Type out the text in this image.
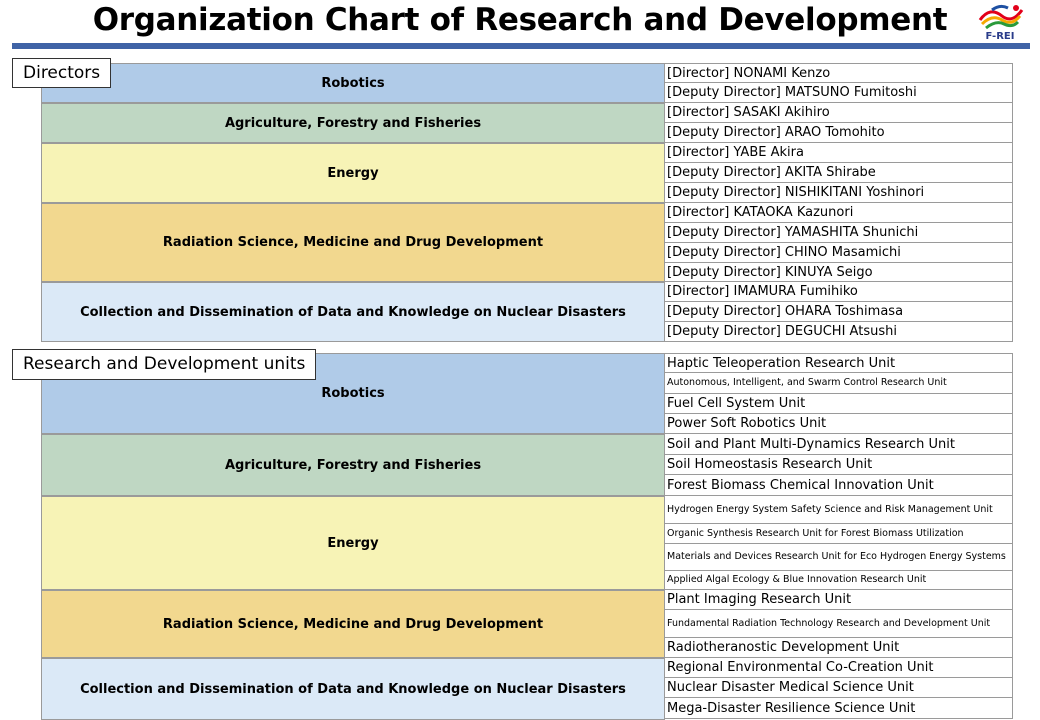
Organization Chart of Research and Development	F-REI
Directors	Robotics
[Director] NONAMI Kenzo
[Deputy Director] MATSUNO Fumitoshi
Agriculture, Forestry and Fisheries
[Director] SASAKI Akihiro
[Deputy Director] ARAO Tomohito
Energy
[Director] YABE Akira
[Deputy Director] AKITA Shirabe
[Deputy Director] NISHIKITANI Yoshinori
Radiation Science, Medicine and Drug Development
[Director] KATAOKA Kazunori
[Deputy Director] YAMASHITA Shunichi
[Deputy Director] CHINO Masamichi
[Deputy Director] KINUYA Seigo
Collection and Dissemination of Data and Knowledge on Nuclear Disasters
[Director] IMAMURA Fumihiko
[Deputy Director] OHARA Toshimasa
[Deputy Director] DEGUCHI Atsushi
Research and Development units
Robotics
Haptic Teleoperation Research Unit
Autonomous, Intelligent, and Swarm Control Research Unit
Fuel Cell System Unit
Power Soft Robotics Unit
Agriculture, Forestry and Fisheries
Soil and Plant Multi-Dynamics Research Unit
Soil Homeostasis Research Unit
Forest Biomass Chemical Innovation Unit
Energy
Hydrogen Energy System Safety Science and Risk Management Unit
Organic Synthesis Research Unit for Forest Biomass Utilization
Materials and Devices Research Unit for Eco Hydrogen Energy Systems
Applied Algal Ecology & Blue Innovation Research Unit
Radiation Science, Medicine and Drug Development
Plant Imaging Research Unit
Fundamental Radiation Technology Research and Development Unit
Radiotheranostic Development Unit
Collection and Dissemination of Data and Knowledge on Nuclear Disasters
Regional Environmental Co-Creation Unit
Nuclear Disaster Medical Science Unit
Mega-Disaster Resilience Science Unit
